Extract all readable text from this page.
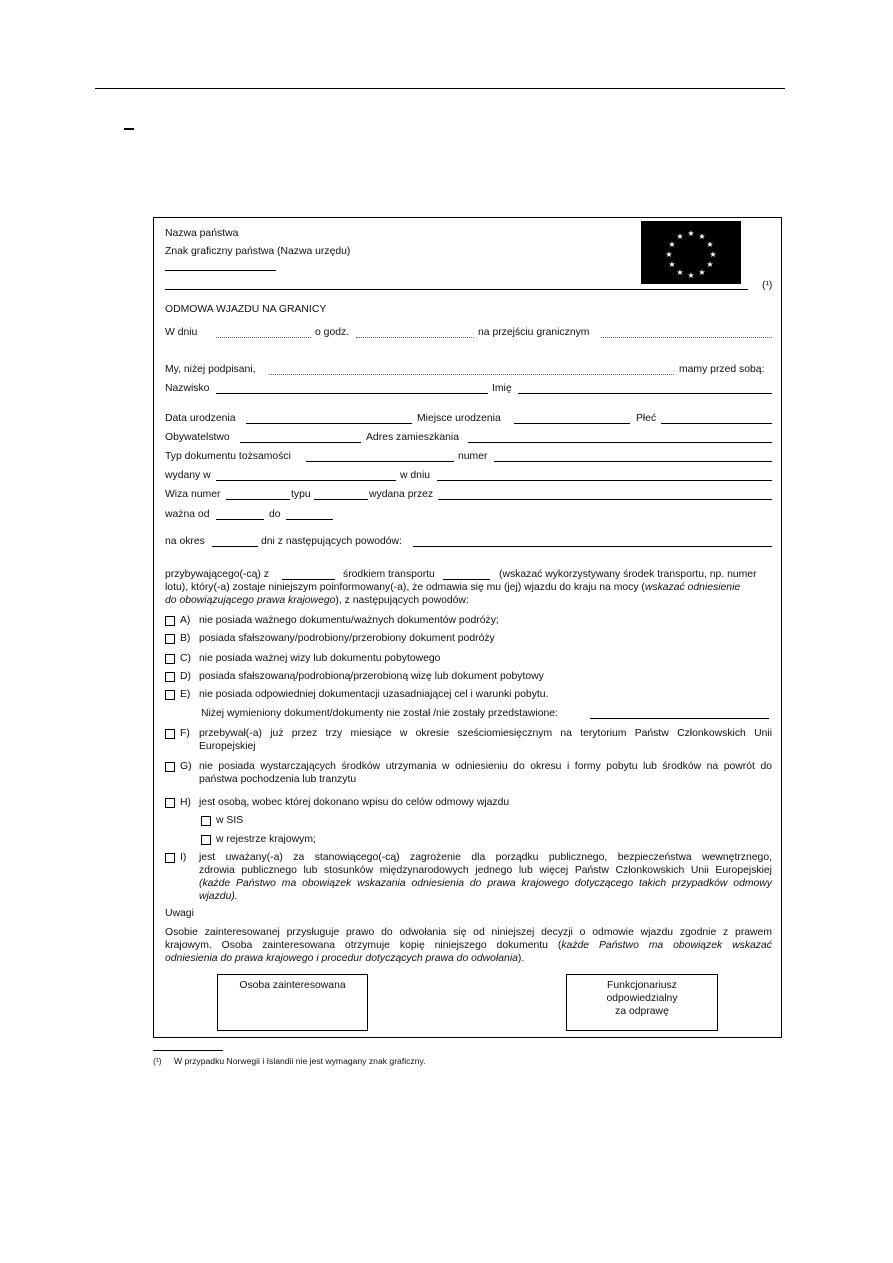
Nazwa państwa
Znak graficzny państwa (Nazwa urzędu)
(¹)
★ ★
★
★
★
★
★
★
★
★
★
★
ODMOWA WJAZDU NA GRANICY
W dniu	o godz.	na przejściu granicznym
My, niżej podpisani,	mamy przed sobą:
Nazwisko	Imię
Data urodzenia	Miejsce urodzenia	Płeć
Obywatelstwo	Adres zamieszkania
Typ dokumentu tożsamości	numer
wydany w	w dniu
Wiza numer	typu	wydana przez
ważna od	do
na okres	dni z następujących powodów:
przybywającego(-cą) z	środkiem transportu	(wskazać wykorzystywany środek transportu, np. numer
lotu), który(-a) zostaje niniejszym poinformowany(-a), że odmawia się mu (jej) wjazdu do kraju na mocy (wskazać odniesienie
do obowiązującego prawa krajowego), z następujących powodów:
A) nie posiada ważnego dokumentu/ważnych dokumentów podróży;
B) posiada sfałszowany/podrobiony/przerobiony dokument podróży
C) nie posiada ważnej wizy lub dokumentu pobytowego
D) posiada sfałszowaną/podrobioną/przerobioną wizę lub dokument pobytowy
E) nie posiada odpowiedniej dokumentacji uzasadniającej cel i warunki pobytu.
Niżej wymieniony dokument/dokumenty nie został /nie zostały przedstawione:
F) przebywał(-a) już przez trzy miesiące w okresie sześciomiesięcznym na terytorium Państw Członkowskich Unii
Europejskiej
G) nie posiada wystarczających środków utrzymania w odniesieniu do okresu i formy pobytu lub środków na powrót do
państwa pochodzenia lub tranzytu
H) jest osobą, wobec której dokonano wpisu do celów odmowy wjazdu
w SIS
w rejestrze krajowym;
I) jest uważany(-a) za stanowiącego(-cą) zagrożenie dla porządku publicznego, bezpieczeństwa wewnętrznego,
zdrowia publicznego lub stosunków międzynarodowych jednego lub więcej Państw Członkowskich Unii Europejskiej
(każde Państwo ma obowiązek wskazania odniesienia do prawa krajowego dotyczącego takich przypadków odmowy
wjazdu).
Uwagi
Osobie zainteresowanej przysługuje prawo do odwołania się od niniejszej decyzji o odmowie wjazdu zgodnie z prawem
krajowym. Osoba zainteresowana otrzymuje kopię niniejszego dokumentu (każde Państwo ma obowiązek wskazać
odniesienia do prawa krajowego i procedur dotyczących prawa do odwołania).
Osoba zainteresowana	Funkcjonariusz
odpowiedzialny
za odprawę
(¹) W przypadku Norwegii i Islandii nie jest wymagany znak graficzny.
